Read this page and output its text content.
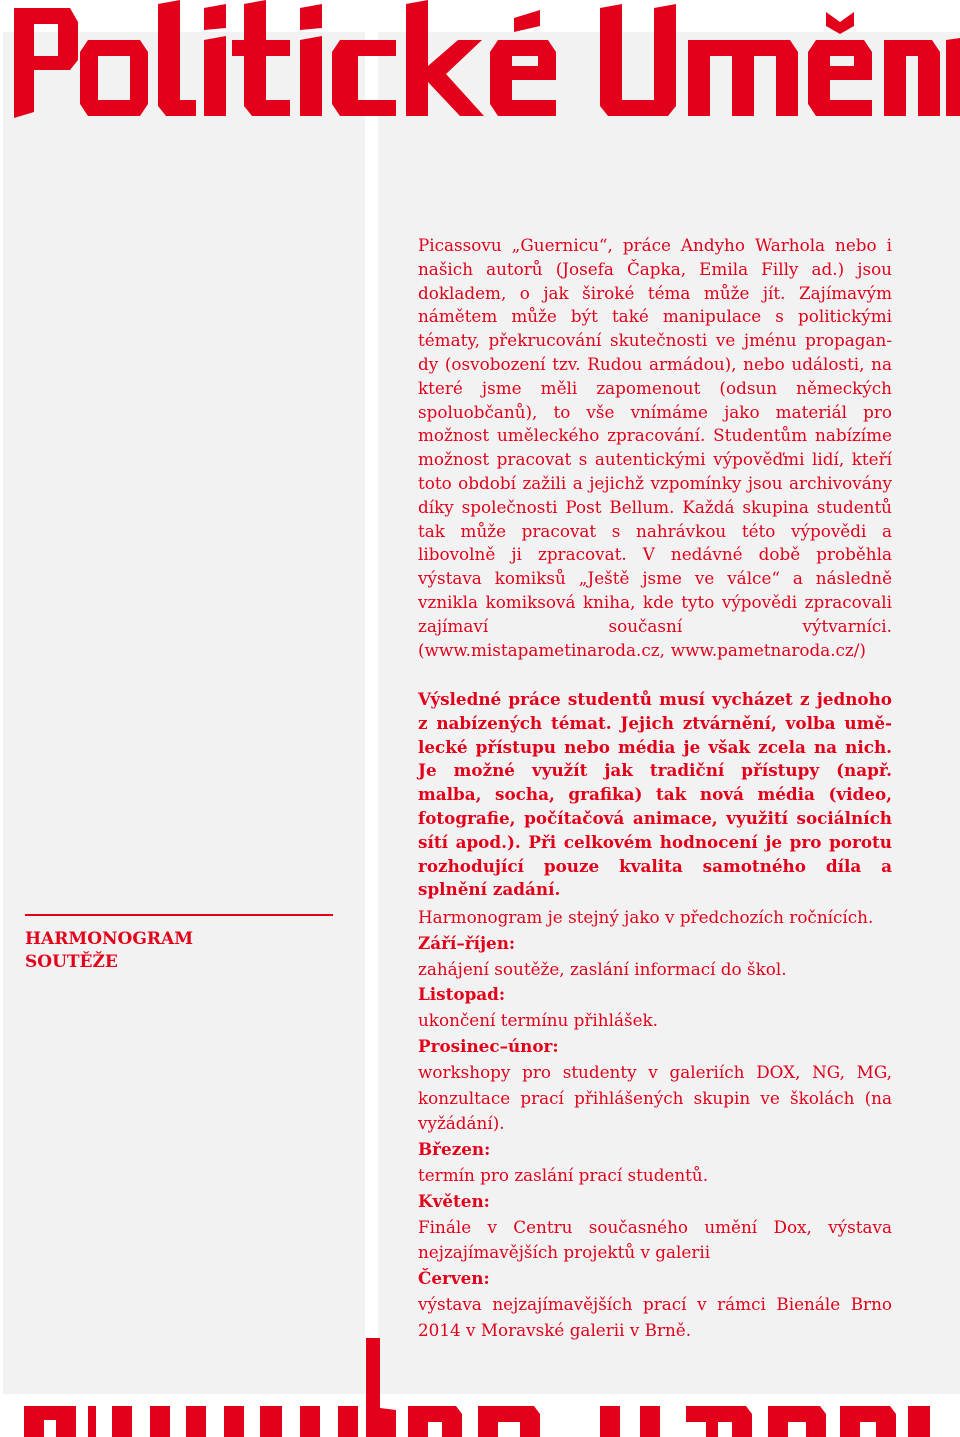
Picassovu „Guernicu“, práce Andyho Warhola nebo i našich autorů (Josefa Čapka, Emila Filly ad.) jsou dokladem, o jak široké téma může jít. Zajímavým námětem může být také manipulace s politickými tématy, překrucování skutečnosti ve jménu propagandy (osvobození tzv. Rudou armádou), nebo události, na které jsme měli zapomenout (odsun německých spoluobčanů), to vše vnímáme jako materiál pro možnost uměleckého zpracování. Studentům nabízíme možnost pracovat s autentickými výpověďmi lidí, kteří toto období zažili a jejichž vzpomínky jsou archivovány díky společnosti Post Bellum. Každá skupina studentů tak může pracovat s nahrávkou této výpovědi a libovolně ji zpracovat. V nedávné době proběhla výstava komiksů „Ještě jsme ve válce“ a následně vznikla komiksová kniha, kde tyto výpovědi zpracovali zajímaví současní výtvarníci. (www.mistapametinaroda.cz, www.pametnaroda.cz/)
Výsledné práce studentů musí vycházet z jednoho z nabízených témat. Jejich ztvárnění, volba umělecké přístupu nebo média je však zcela na nich. Je možné využít jak tradiční přístupy (např. malba, socha, grafika) tak nová média (video, fotografie, počítačová animace, využití sociálních sítí apod.). Při celkovém hodnocení je pro porotu rozhodující pouze kvalita samotného díla a splnění zadání.
HARMONOGRAM SOUTĚŽE
Harmonogram je stejný jako v předchozích ročnících.
Září–říjen:
zahájení soutěže, zaslání informací do škol.
Listopad:
ukončení termínu přihlášek.
Prosinec–únor:
workshopy pro studenty v galeriích DOX, NG, MG, konzultace prací přihlášených skupin ve školách (na vyžádání).
Březen:
termín pro zaslání prací studentů.
Květen:
Finále v Centru současného umění Dox, výstava nejzajímavějších projektů v galerii
Červen:
výstava nejzajímavějších prací v rámci Bienále Brno 2014 v Moravské galerii v Brně.
